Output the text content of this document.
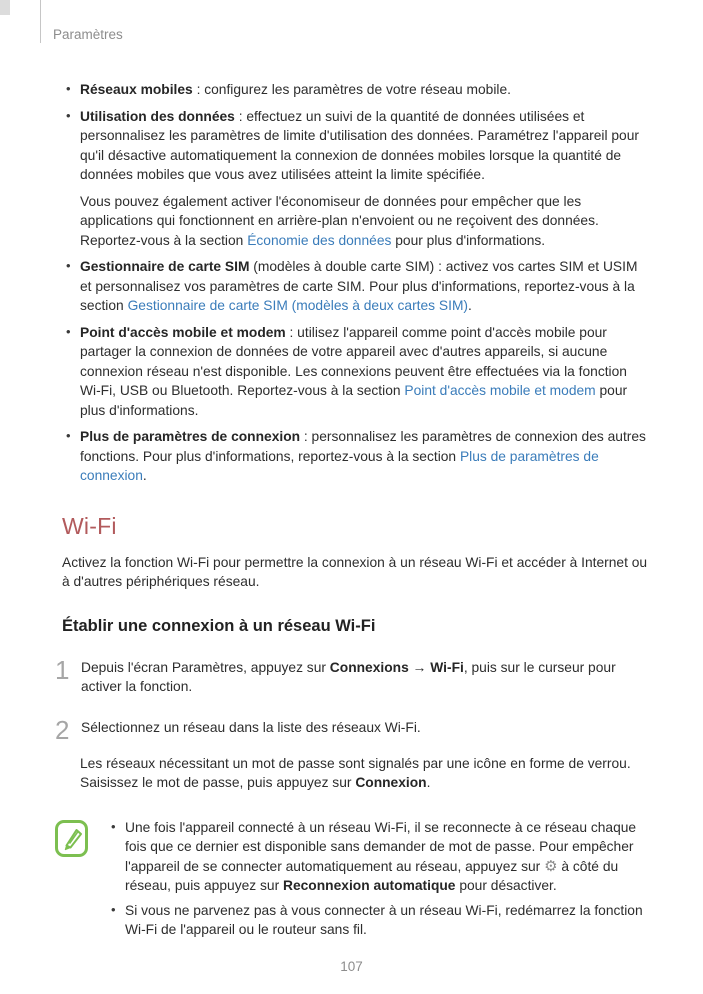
Paramètres
• Réseaux mobiles : configurez les paramètres de votre réseau mobile.

• Utilisation des données : effectuez un suivi de la quantité de données utilisées et personnalisez les paramètres de limite d'utilisation des données. Paramétrez l'appareil pour qu'il désactive automatiquement la connexion de données mobiles lorsque la quantité de données mobiles que vous avez utilisées atteint la limite spécifiée.

Vous pouvez également activer l'économiseur de données pour empêcher que les applications qui fonctionnent en arrière-plan n'envoient ou ne reçoivent des données. Reportez-vous à la section Économie des données pour plus d'informations.

• Gestionnaire de carte SIM (modèles à double carte SIM) : activez vos cartes SIM et USIM et personnalisez vos paramètres de carte SIM. Pour plus d'informations, reportez-vous à la section Gestionnaire de carte SIM (modèles à deux cartes SIM).

• Point d'accès mobile et modem : utilisez l'appareil comme point d'accès mobile pour partager la connexion de données de votre appareil avec d'autres appareils, si aucune connexion réseau n'est disponible. Les connexions peuvent être effectuées via la fonction Wi-Fi, USB ou Bluetooth. Reportez-vous à la section Point d'accès mobile et modem pour plus d'informations.

• Plus de paramètres de connexion : personnalisez les paramètres de connexion des autres fonctions. Pour plus d'informations, reportez-vous à la section Plus de paramètres de connexion.

Wi-Fi

Activez la fonction Wi-Fi pour permettre la connexion à un réseau Wi-Fi et accéder à Internet ou à d'autres périphériques réseau.

Établir une connexion à un réseau Wi-Fi
1 Depuis l'écran Paramètres, appuyez sur Connexions → Wi-Fi, puis sur le curseur pour activer la fonction.
2 Sélectionnez un réseau dans la liste des réseaux Wi-Fi.

Les réseaux nécessitant un mot de passe sont signalés par une icône en forme de verrou. Saisissez le mot de passe, puis appuyez sur Connexion.

• Une fois l'appareil connecté à un réseau Wi-Fi, il se reconnecte à ce réseau chaque fois que ce dernier est disponible sans demander de mot de passe. Pour empêcher l'appareil de se connecter automatiquement au réseau, appuyez sur ⚙ à côté du réseau, puis appuyez sur Reconnexion automatique pour désactiver.

• Si vous ne parvenez pas à vous connecter à un réseau Wi-Fi, redémarrez la fonction Wi-Fi de l'appareil ou le routeur sans fil.

107
